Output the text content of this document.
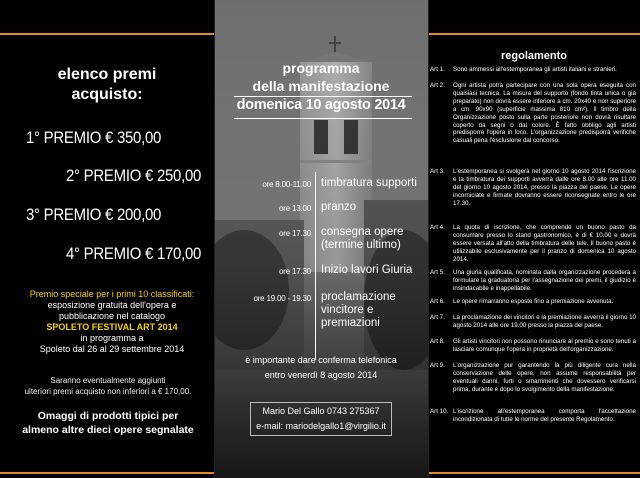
elenco premi
acquisto:
1° PREMIO € 350,00
2° PREMIO € 250,00
3° PREMIO € 200,00
4° PREMIO € 170,00
Premio speciale per i primi 10 classificati:
esposizione gratuita dell'opera e
pubblicazione nel catalogo
SPOLETO FESTIVAL ART 2014
in programma a
Spoleto dal 26 al 29 settembre 2014
Saranno eventualmente aggiunti
ulteriori premi acquisto non inferiori a € 170,00.
Omaggi di prodotti tipici per
almeno altre dieci opere segnalate
programma
della manifestazione
domenica 10 agosto 2014
ore 8.00-11.00 timbratura supporti
ore 13.00 pranzo
ore 17.30 consegna opere (termine ultimo)
ore 17.30 Inizio lavori Giuria
ore 19.00 - 19.30 proclamazione vincitore e premiazioni
è importante dare conferma telefonica
entro venerdì 8 agosto 2014
Mario Del Gallo 0743 275367
e-mail: mariodelgallo1@virgilio.it
regolamento
Art 1.	Sono ammessi all'estemporanea gli artisti italiani e stranieri.
Art 2.	Ogni artista potrà partecipare con una sola opera eseguita con qualsiasi tecnica. La misura del supporto (fondo tinta unica o già preparato) non dovrà essere inferiore a cm. 20x40 e non superiore a cm. 90x90 (superficie massima 810 cm²). Il timbro della Organizzazione posto sulla parte posteriore non dovrà risultare coperto da segni o dal colore. È fatto obbligo agli artisti predisporre l'opera in loco. L'organizzazione predisporrà verifiche casuali pena l'esclusione dal concorso.
Art 3.	L'estemporanea si svolgerà nel giorno 10 agosto 2014 l'iscrizione e la timbratura dei supporti avverrà dalle ore 8.00 alle ore 11.00 del giorno 10 agosto 2014, presso la piazza del paese. Le opere incorniciate e firmate dovranno essere riconsegnate entro le ore 17.30.
Art 4.	La quota di iscrizione, che comprende un buono pasto da consumare presso lo stand gastronomico, è di € 10,00 e dovrà essere versata all'atto della timbratura delle tele. Il buono pasto è utilizzabile esclusivamente per il pranzo di domenica 10 agosto 2014.
Art 5.	Una giuria qualificata, nominata dalla organizzazione procederà a formulare la graduatoria per l'assegnazione dei premi, il giudizio è insindacabile e inappellabile.
Art 6.	Le opere rimarranno esposte fino a premiazione avvenuta.
Art 7.	La proclamazione dei vincitori e la premiazione avverrà il giorno 10 agosto 2014 alle ore 19.00 presso la piazza del paese.
Art 8.	Gli artisti vincitori non possono rinunciare al premio e sono tenuti a lasciare comunque l'opera in proprietà dell'organizzazione.
Art 9.	L'organizzazione pur garantendo la più diligente cura nella conservazione delle opere, non assume responsabilità per eventuali danni, furti o smarrimenti che dovessero verificarsi prima, durante e dopo lo svolgimento della manifestazione.
Art 10. L'iscrizione all'estemporanea comporta l'accettazione incondizionata di tutte le norme del presente Regolamento.
